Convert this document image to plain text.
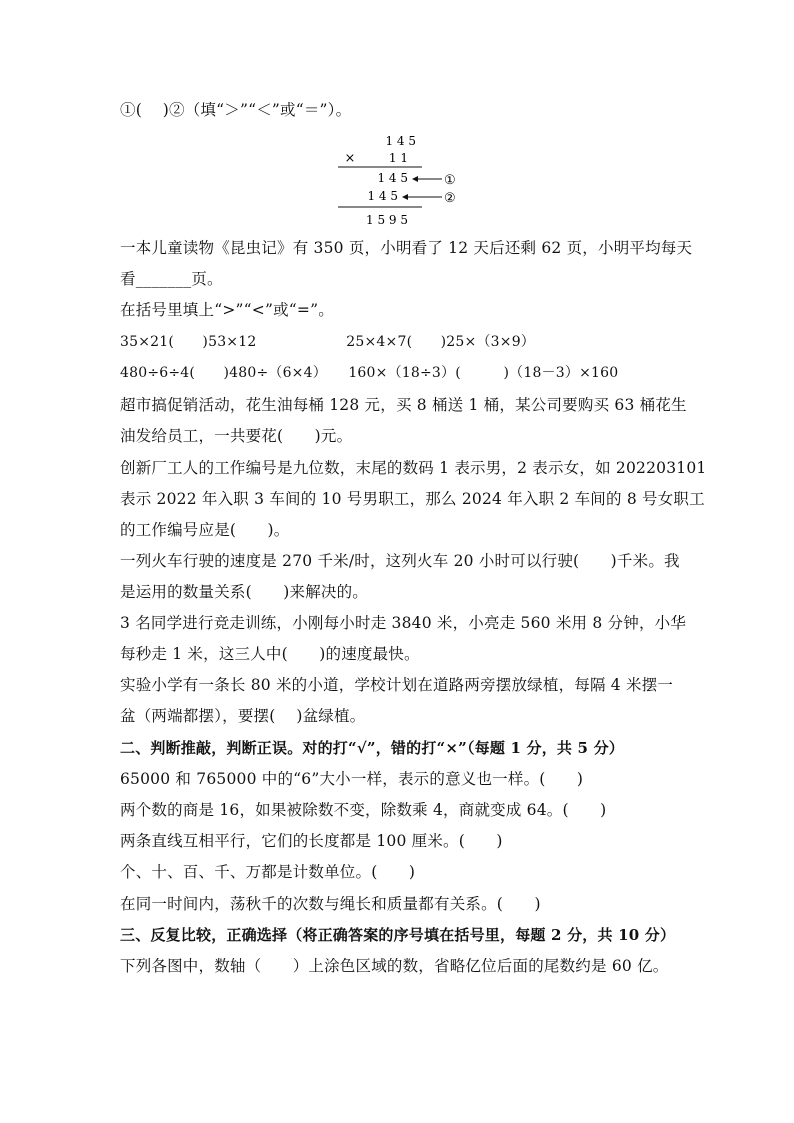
①(　 )②（填“＞”“＜”或“＝”）。
1 4 5
×	1 1
1 4 5
1 4 5
1 5 9 5
①
②
一本儿童读物《昆虫记》有 350 页，小明看了 12 天后还剩 62 页，小明平均每天
看_______页。
在括号里填上“>”“<”或“=”。
35×21(　　)53×12　　　　　　 25×4×7(　　)25×（3×9）
480÷6÷4(　　)480÷（6×4）　　160×（18÷3）(　　　)（18－3）×160
超市搞促销活动，花生油每桶 128 元，买 8 桶送 1 桶，某公司要购买 63 桶花生
油发给员工，一共要花(　　)元。
创新厂工人的工作编号是九位数，末尾的数码 1 表示男，2 表示女，如 202203101
表示 2022 年入职 3 车间的 10 号男职工，那么 2024 年入职 2 车间的 8 号女职工
的工作编号应是(　　)。
一列火车行驶的速度是 270 千米/时，这列火车 20 小时可以行驶(　　)千米。我
是运用的数量关系(　　)来解决的。
3 名同学进行竞走训练，小刚每小时走 3840 米，小亮走 560 米用 8 分钟，小华
每秒走 1 米，这三人中(　　)的速度最快。
实验小学有一条长 80 米的小道，学校计划在道路两旁摆放绿植，每隔 4 米摆一
盆（两端都摆），要摆(　 )盆绿植。
二、判断推敲，判断正误。对的打“√”，错的打“×”（每题 1 分，共 5 分）
65000 和 765000 中的“6”大小一样，表示的意义也一样。(　　)
两个数的商是 16，如果被除数不变，除数乘 4，商就变成 64。(　　)
两条直线互相平行，它们的长度都是 100 厘米。(　　)
个、十、百、千、万都是计数单位。(　　)
在同一时间内，荡秋千的次数与绳长和质量都有关系。(　　)
三、反复比较，正确选择（将正确答案的序号填在括号里，每题 2 分，共 10 分）
下列各图中，数轴（　　）上涂色区域的数，省略亿位后面的尾数约是 60 亿。
